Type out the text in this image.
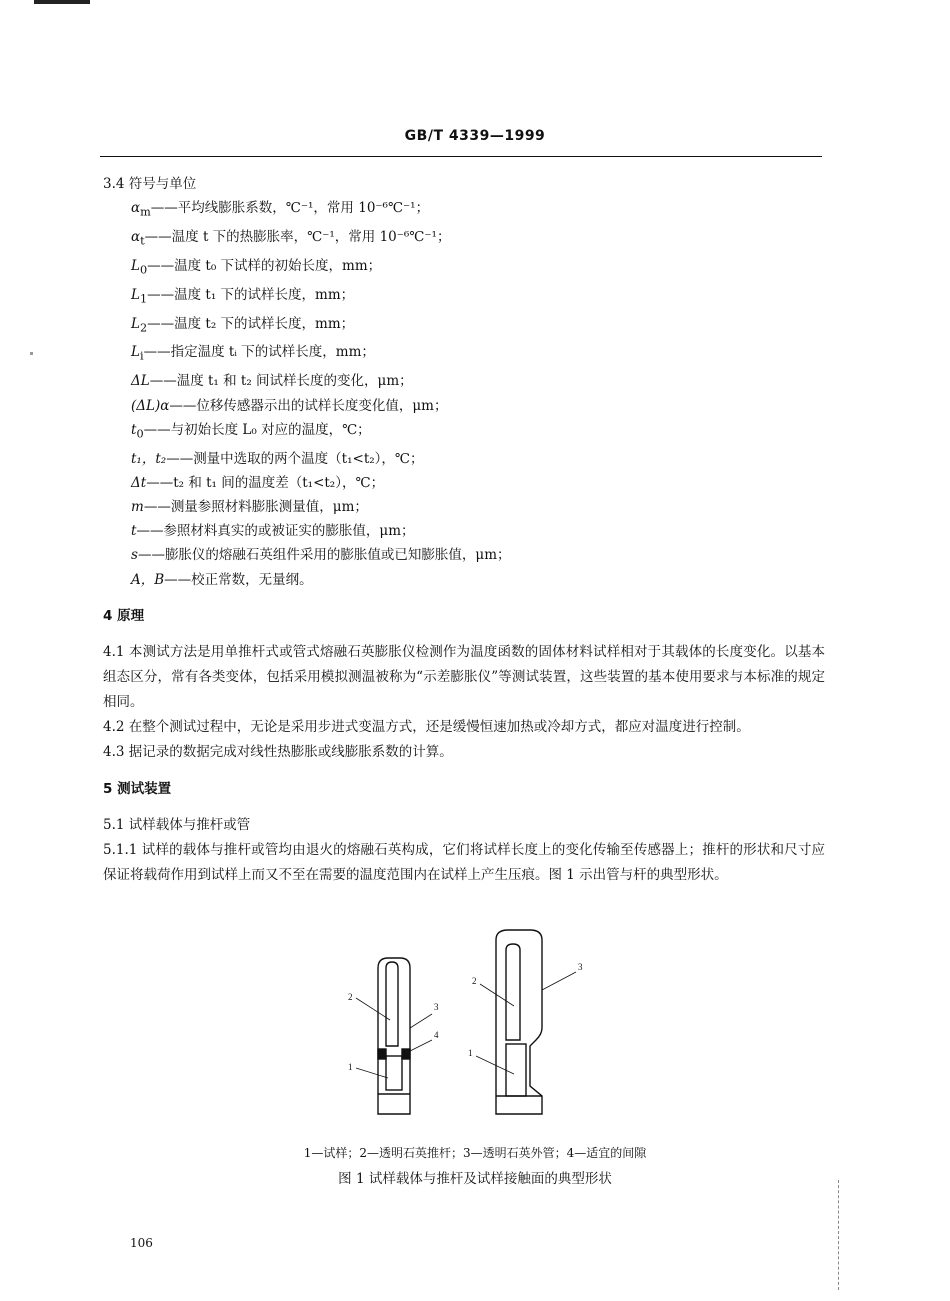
GB/T 4339—1999

3.4 符号与单位

$\alpha_m——$平均线膨胀系数，℃⁻¹，常用 10⁻⁶℃⁻¹；
$\alpha_t——$温度 t 下的热膨胀率，℃⁻¹，常用 10⁻⁶℃⁻¹；
$L_0——$温度 t₀ 下试样的初始长度，mm；
$L_1——$温度 t₁ 下的试样长度，mm；
$L_2——$温度 t₂ 下的试样长度，mm；
$L_i——$指定温度 tᵢ 下的试样长度，mm；
ΔL——温度 t₁ 和 t₂ 间试样长度的变化，μm；
(ΔL)α——位移传感器示出的试样长度变化值，μm；
$t_0——$与初始长度 L₀ 对应的温度，℃；
t₁，t₂——测量中选取的两个温度（t₁<t₂），℃；
Δt——t₂ 和 t₁ 间的温度差（t₁<t₂），℃；
m——测量参照材料膨胀测量值，μm；
t——参照材料真实的或被证实的膨胀值，μm；
s——膨胀仪的熔融石英组件采用的膨胀值或已知膨胀值，μm；
A，B——校正常数，无量纲。
4 原理

4.1 本测试方法是用单推杆式或管式熔融石英膨胀仪检测作为温度函数的固体材料试样相对于其载体的长度变化。以基本组态区分，常有各类变体，包括采用模拟测温被称为“示差膨胀仪”等测试装置，这些装置的基本使用要求与本标准的规定相同。

4.2 在整个测试过程中，无论是采用步进式变温方式，还是缓慢恒速加热或冷却方式，都应对温度进行控制。

4.3 据记录的数据完成对线性热膨胀或线膨胀系数的计算。

5 测试装置

5.1 试样载体与推杆或管

5.1.1 试样的载体与推杆或管均由退火的熔融石英构成，它们将试样长度上的变化传输至传感器上；推杆的形状和尺寸应保证将载荷作用到试样上而又不至在需要的温度范围内在试样上产生压痕。图 1 示出管与杆的典型形状。

2
3
4
1
3
2
1
1—试样；2—透明石英推杆；3—透明石英外管；4—适宜的间隙
图 1 试样载体与推杆及试样接触面的典型形状
106
